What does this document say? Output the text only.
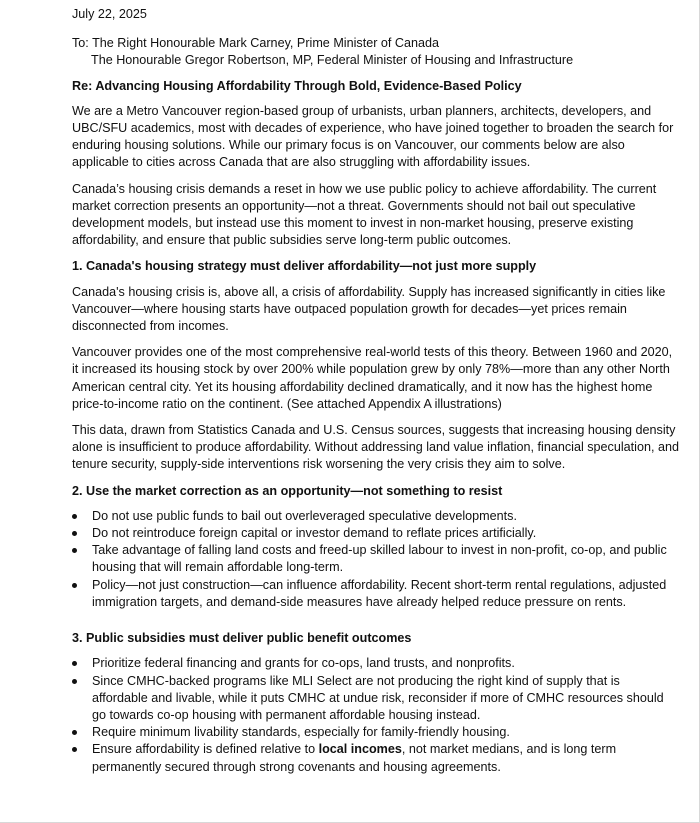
July 22, 2025
To: The Right Honourable Mark Carney, Prime Minister of Canada
The Honourable Gregor Robertson, MP, Federal Minister of Housing and Infrastructure
Re: Advancing Housing Affordability Through Bold, Evidence-Based Policy

We are a Metro Vancouver region-based group of urbanists, urban planners, architects, developers, and UBC/SFU academics, most with decades of experience, who have joined together to broaden the search for enduring housing solutions. While our primary focus is on Vancouver, our comments below are also applicable to cities across Canada that are also struggling with affordability issues.

Canada’s housing crisis demands a reset in how we use public policy to achieve affordability. The current market correction presents an opportunity—not a threat. Governments should not bail out speculative development models, but instead use this moment to invest in non-market housing, preserve existing affordability, and ensure that public subsidies serve long-term public outcomes.

1. Canada's housing strategy must deliver affordability—not just more supply

Canada's housing crisis is, above all, a crisis of affordability. Supply has increased significantly in cities like Vancouver—where housing starts have outpaced population growth for decades—yet prices remain disconnected from incomes.

Vancouver provides one of the most comprehensive real-world tests of this theory. Between 1960 and 2020, it increased its housing stock by over 200% while population grew by only 78%—more than any other North American central city. Yet its housing affordability declined dramatically, and it now has the highest home price-to-income ratio on the continent. (See attached Appendix A illustrations)

This data, drawn from Statistics Canada and U.S. Census sources, suggests that increasing housing density alone is insufficient to produce affordability. Without addressing land value inflation, financial speculation, and tenure security, supply-side interventions risk worsening the very crisis they aim to solve.

2. Use the market correction as an opportunity—not something to resist
Do not use public funds to bail out overleveraged speculative developments.
Do not reintroduce foreign capital or investor demand to reflate prices artificially.
Take advantage of falling land costs and freed-up skilled labour to invest in non-profit, co-op, and public housing that will remain affordable long-term.
Policy—not just construction—can influence affordability. Recent short-term rental regulations, adjusted immigration targets, and demand-side measures have already helped reduce pressure on rents.
3. Public subsidies must deliver public benefit outcomes
Prioritize federal financing and grants for co-ops, land trusts, and nonprofits.
Since CMHC-backed programs like MLI Select are not producing the right kind of supply that is affordable and livable, while it puts CMHC at undue risk, reconsider if more of CMHC resources should go towards co-op housing with permanent affordable housing instead.
Require minimum livability standards, especially for family-friendly housing.
Ensure affordability is defined relative to local incomes, not market medians, and is long term permanently secured through strong covenants and housing agreements.
